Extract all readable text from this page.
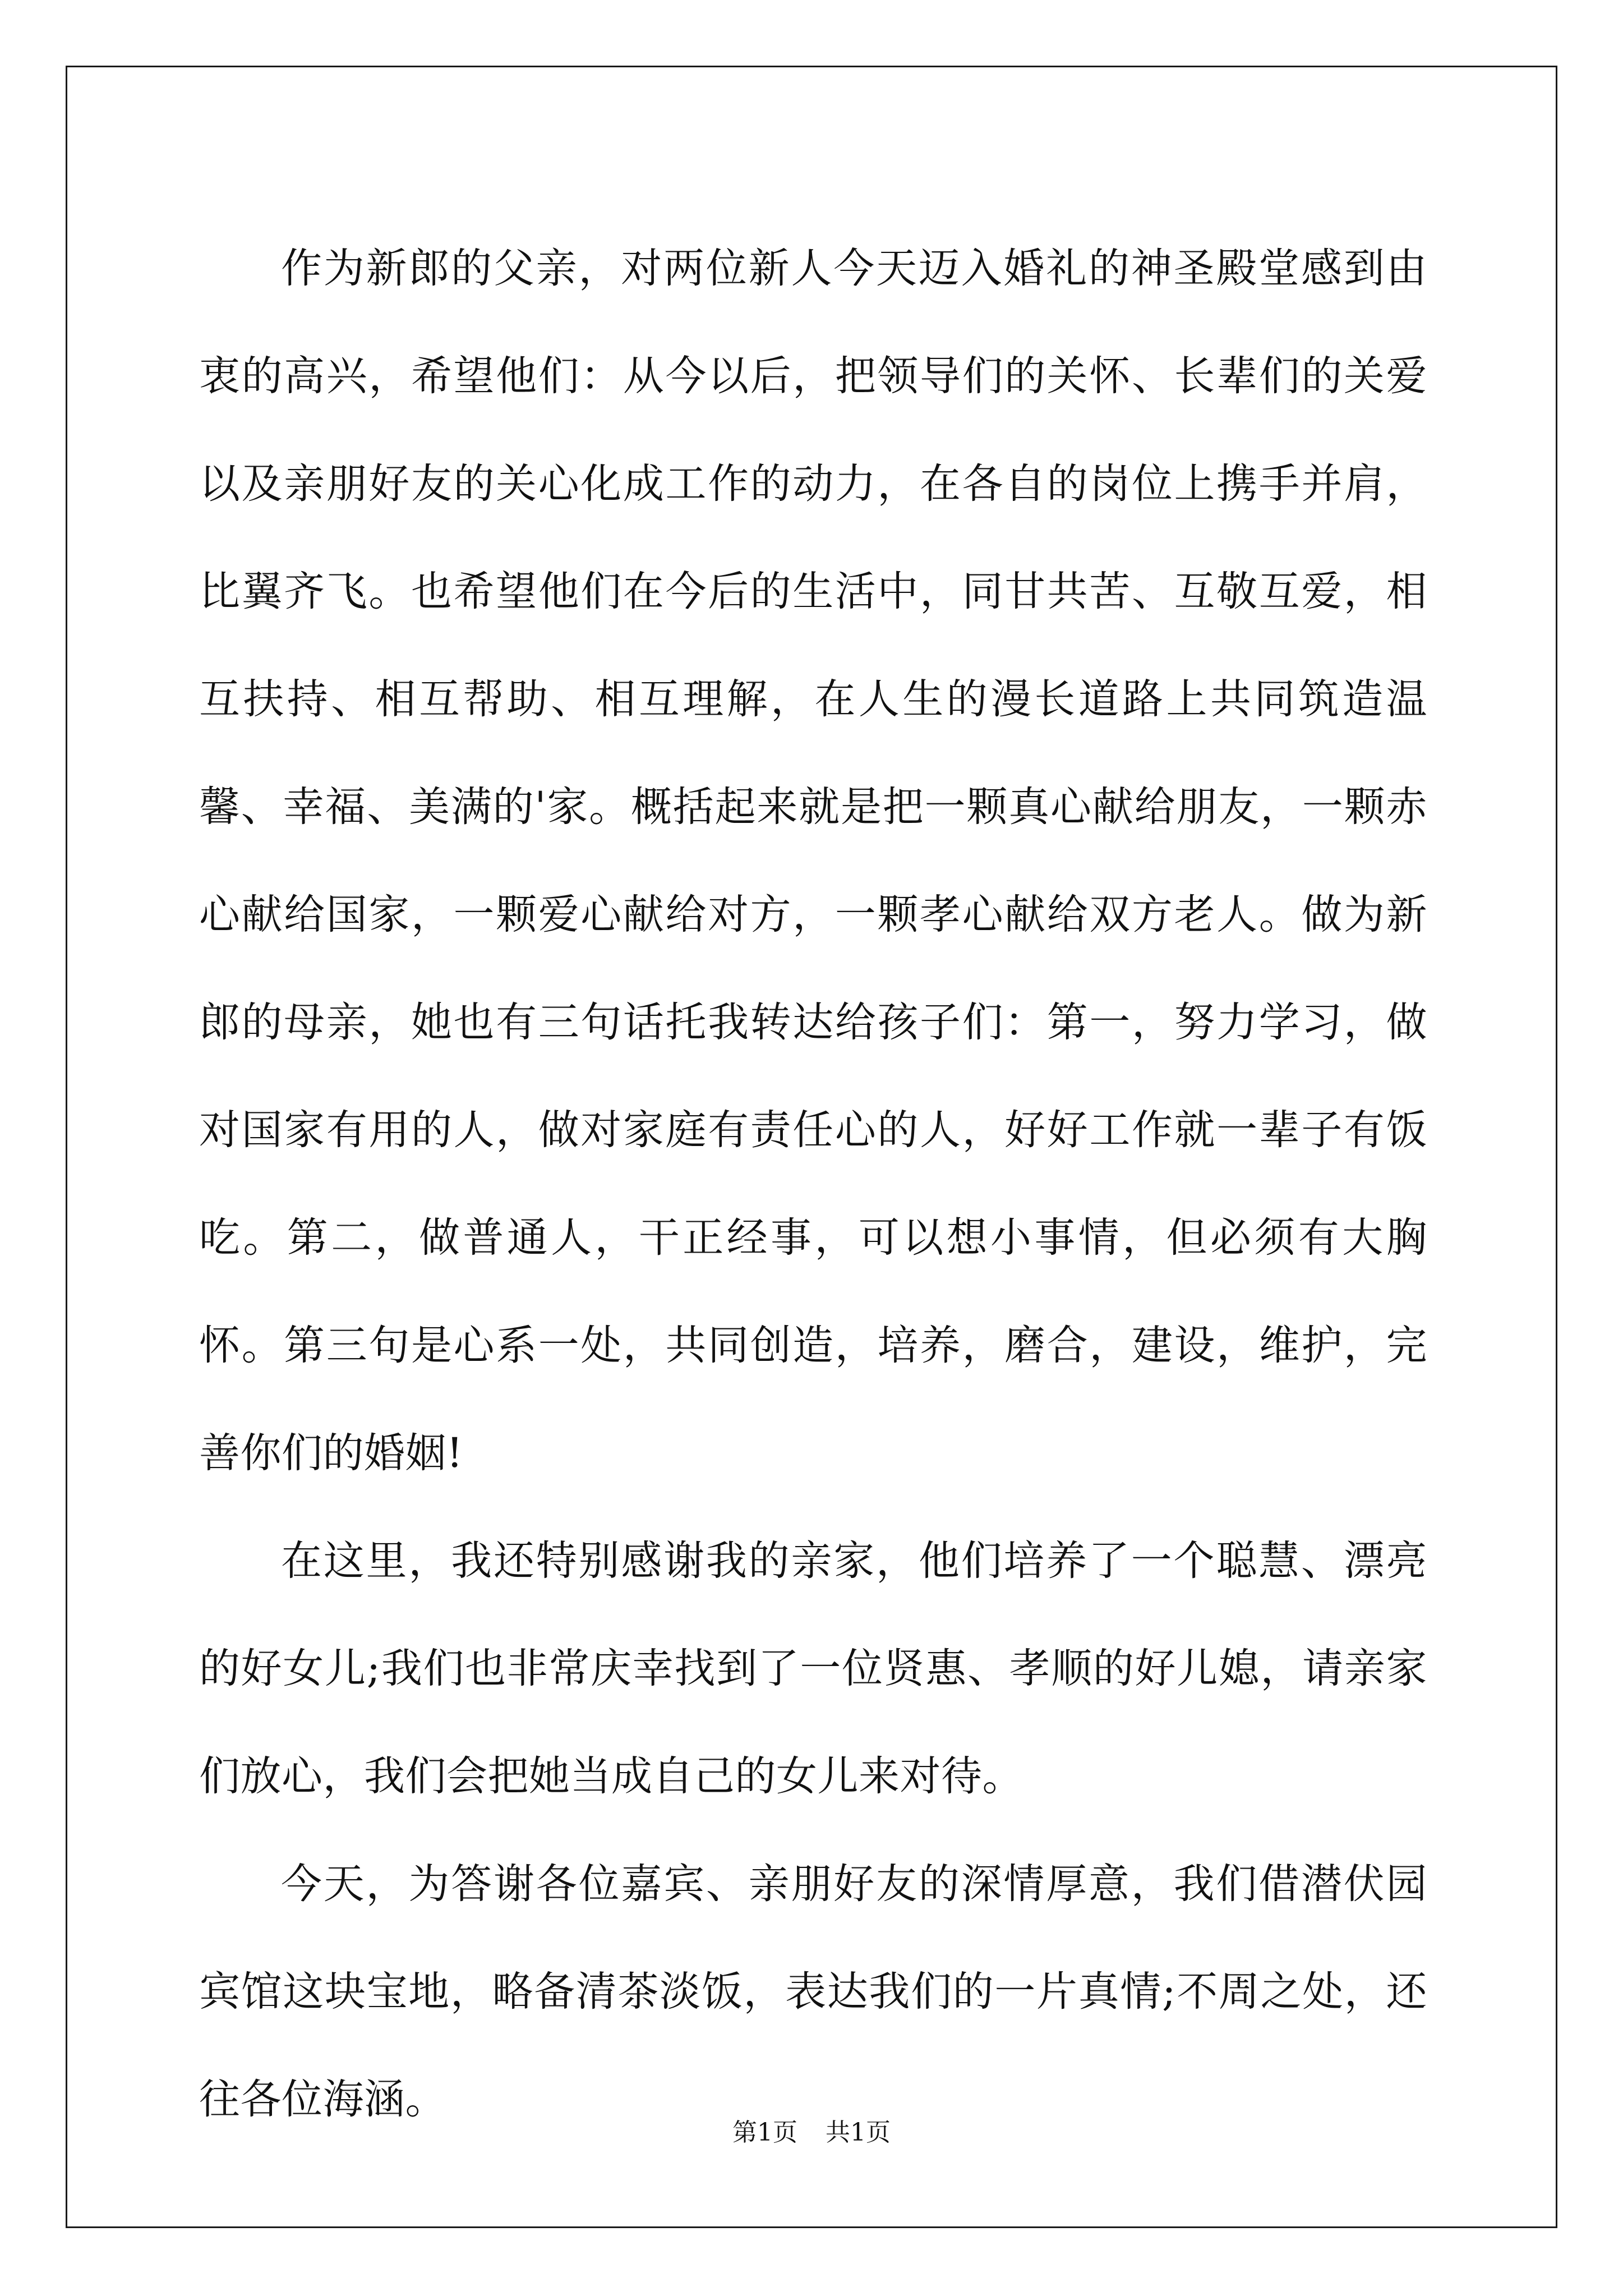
作为新郎的父亲，对两位新人今天迈入婚礼的神圣殿堂感到由衷的高兴，希望他们：从今以后，把领导们的关怀、长辈们的关爱以及亲朋好友的关心化成工作的动力，在各自的岗位上携手并肩，比翼齐飞。也希望他们在今后的生活中，同甘共苦、互敬互爱，相互扶持、相互帮助、相互理解，在人生的漫长道路上共同筑造温馨、幸福、美满的'家。概括起来就是把一颗真心献给朋友，一颗赤心献给国家，一颗爱心献给对方，一颗孝心献给双方老人。做为新郎的母亲，她也有三句话托我转达给孩子们：第一，努力学习，做对国家有用的人，做对家庭有责任心的人，好好工作就一辈子有饭吃。第二，做普通人，干正经事，可以想小事情，但必须有大胸怀。第三句是心系一处，共同创造，培养，磨合，建设，维护，完善你们的婚姻!

在这里，我还特别感谢我的亲家，他们培养了一个聪慧、漂亮的好女儿;我们也非常庆幸找到了一位贤惠、孝顺的好儿媳，请亲家们放心，我们会把她当成自己的女儿来对待。

今天，为答谢各位嘉宾、亲朋好友的深情厚意，我们借潜伏园宾馆这块宝地，略备清茶淡饭，表达我们的一片真情;不周之处，还往各位海涵。

第1页 共1页
